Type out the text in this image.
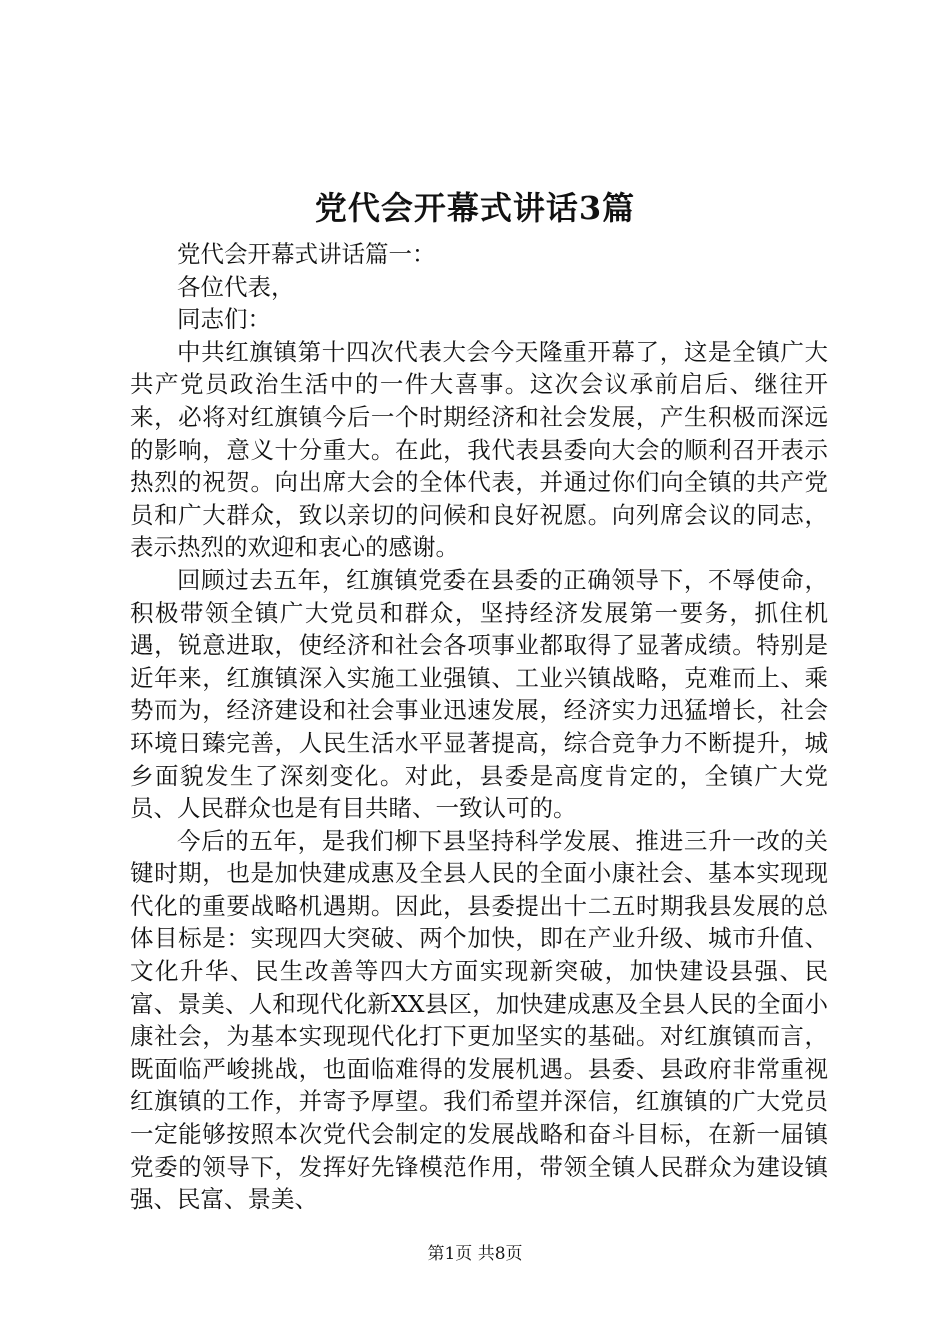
党代会开幕式讲话3篇

党代会开幕式讲话篇一：

各位代表，

同志们：

中共红旗镇第十四次代表大会今天隆重开幕了，这是全镇广大共产党员政治生活中的一件大喜事。这次会议承前启后、继往开来，必将对红旗镇今后一个时期经济和社会发展，产生积极而深远的影响，意义十分重大。在此，我代表县委向大会的顺利召开表示热烈的祝贺。向出席大会的全体代表，并通过你们向全镇的共产党员和广大群众，致以亲切的问候和良好祝愿。向列席会议的同志，表示热烈的欢迎和衷心的感谢。

回顾过去五年，红旗镇党委在县委的正确领导下，不辱使命，积极带领全镇广大党员和群众，坚持经济发展第一要务，抓住机遇，锐意进取，使经济和社会各项事业都取得了显著成绩。特别是近年来，红旗镇深入实施工业强镇、工业兴镇战略，克难而上、乘势而为，经济建设和社会事业迅速发展，经济实力迅猛增长，社会环境日臻完善，人民生活水平显著提高，综合竞争力不断提升，城乡面貌发生了深刻变化。对此，县委是高度肯定的，全镇广大党员、人民群众也是有目共睹、一致认可的。

今后的五年，是我们柳下县坚持科学发展、推进三升一改的关键时期，也是加快建成惠及全县人民的全面小康社会、基本实现现代化的重要战略机遇期。因此，县委提出十二五时期我县发展的总体目标是：实现四大突破、两个加快，即在产业升级、城市升值、文化升华、民生改善等四大方面实现新突破，加快建设县强、民富、景美、人和现代化新XX县区，加快建成惠及全县人民的全面小康社会，为基本实现现代化打下更加坚实的基础。对红旗镇而言，既面临严峻挑战，也面临难得的发展机遇。县委、县政府非常重视红旗镇的工作，并寄予厚望。我们希望并深信，红旗镇的广大党员一定能够按照本次党代会制定的发展战略和奋斗目标，在新一届镇党委的领导下，发挥好先锋模范作用，带领全镇人民群众为建设镇强、民富、景美、

第1页 共8页
